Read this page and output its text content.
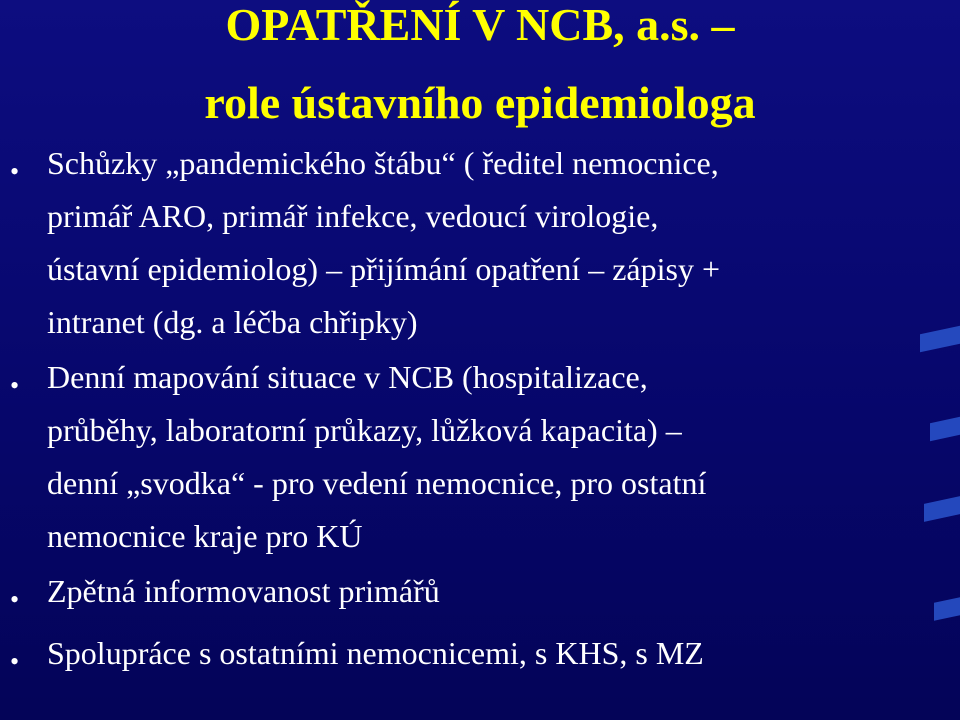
OPATŘENÍ V NCB, a.s. –
role ústavního epidemiologa
• Schůzky „pandemického štábu“ ( ředitel nemocnice,
primář ARO, primář infekce, vedoucí virologie,
ústavní epidemiolog) – přijímání opatření – zápisy +
intranet (dg. a léčba chřipky)
• Denní mapování situace v NCB (hospitalizace,
průběhy, laboratorní průkazy, lůžková kapacita) –
denní „svodka“ - pro vedení nemocnice, pro ostatní
nemocnice kraje pro KÚ
• Zpětná informovanost primářů
• Spolupráce s ostatními nemocnicemi, s KHS, s MZ
